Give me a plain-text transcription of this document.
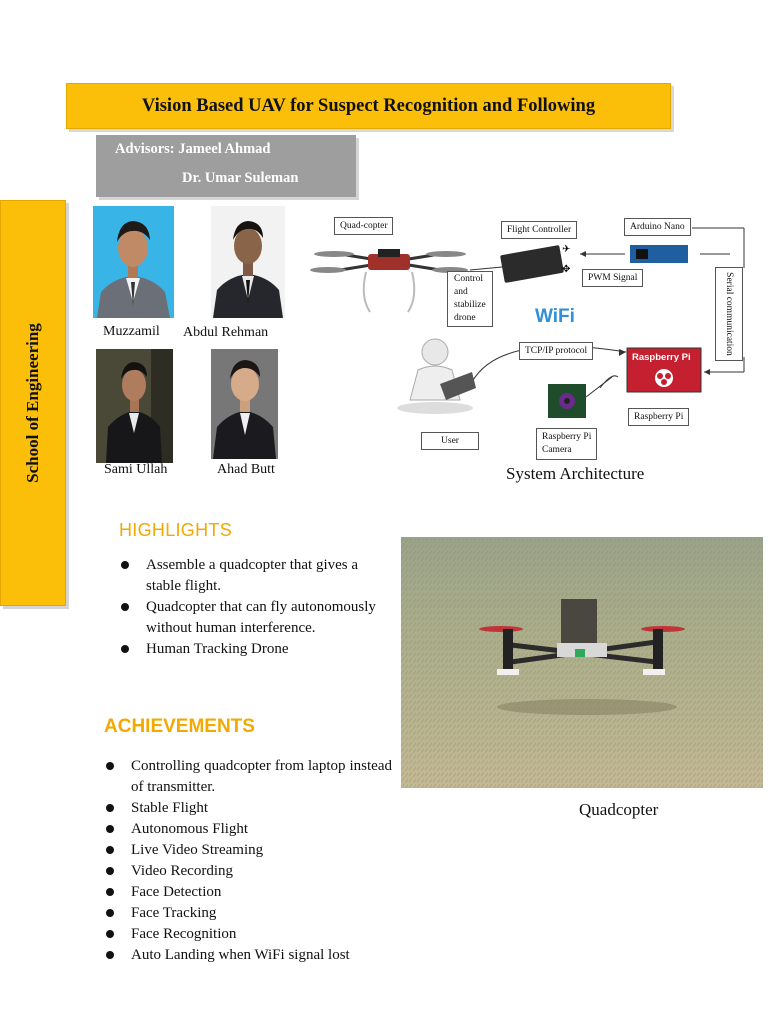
Vision Based UAV for Suspect Recognition and Following
Advisors: Jameel Ahmad
Dr. Umar Suleman
School of Engineering	Muzzamil Abdul Rehman
Sami Ullah	Ahad Butt
✈
✥
Quad-copter	Flight Controller	Arduino Nano
Control
and
stabilize
drone
PWM Signal	Serial communication
WiFi
TCP/IP protocol
Raspberry Pi
Raspberry Pi
Raspberry Pi
Camera
User
System Architecture
HIGHLIGHTS
Assemble a quadcopter that gives a stable flight.
Quadcopter that can fly autonomously without human interference.
Human Tracking Drone
ACHIEVEMENTS
Controlling quadcopter from laptop instead of transmitter.
Stable Flight
Autonomous Flight
Live Video Streaming
Video Recording
Face Detection
Face Tracking
Face Recognition
Auto Landing when WiFi signal lost
Quadcopter
